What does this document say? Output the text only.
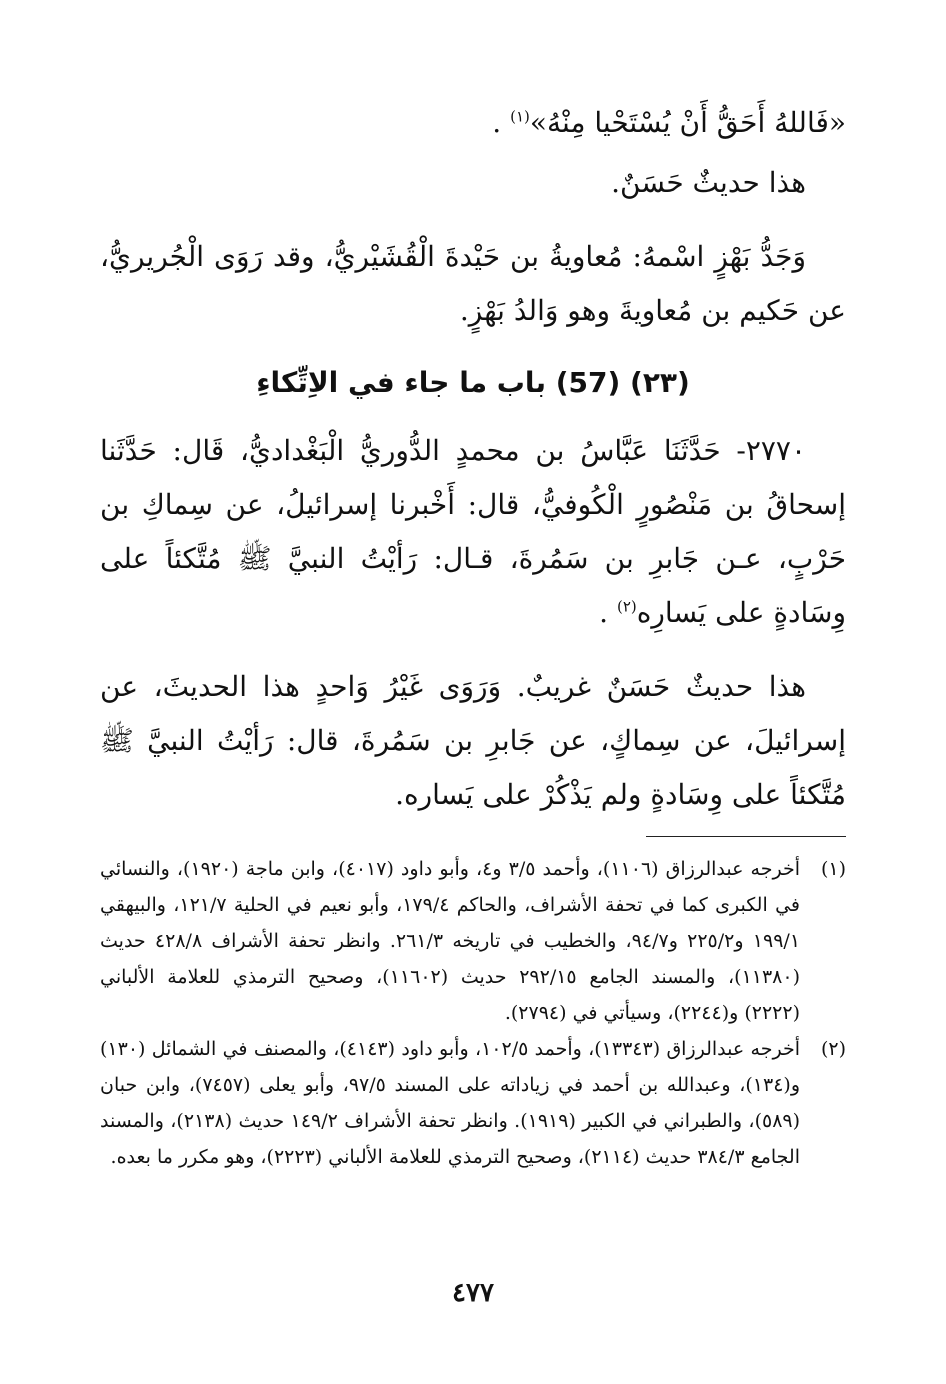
«فَاللهُ أَحَقُّ أَنْ يُسْتَحْيا مِنْهُ»$^{(١)}$ .

هذا حديثٌ حَسَنٌ.

وَجَدُّ بَهْزٍ اسْمهُ: مُعاويةُ بن حَيْدةَ الْقُشَيْريُّ، وقد رَوَى الْجُريريُّ، عن حَكيم بن مُعاويةَ وهو وَالدُ بَهْزٍ.

(٢٣) (57) باب ما جاء في الاِتِّكاءِ

٢٧٧٠- حَدَّثَنَا عَبَّاسُ بن محمدٍ الدُّوريُّ الْبَغْداديُّ، قَال: حَدَّثَنا إسحاقُ بن مَنْصُورٍ الْكُوفيُّ، قال: أَخْبرنا إسرائيلُ، عن سِماكِ بن حَرْبٍ، عـن جَابرِ بن سَمُرةَ، قـال: رَأيْتُ النبيَّ ﷺ مُتَّكئاً على وِسَادةٍ على يَسارِه$^{(٢)}$ .

هذا حديثٌ حَسَنٌ غريبٌ. وَرَوَى غَيْرُ وَاحدٍ هذا الحديثَ، عن إسرائيلَ، عن سِماكٍ، عن جَابرِ بن سَمُرةَ، قال: رَأيْتُ النبيَّ ﷺ مُتَّكئاً على وِسَادةٍ ولم يَذْكُرْ على يَساره.

(١)
أخرجه عبدالرزاق (١١٠٦)، وأحمد ٣/٥ و٤، وأبو داود (٤٠١٧)، وابن ماجة (١٩٢٠)، والنسائي في الكبرى كما في تحفة الأشراف، والحاكم ١٧٩/٤، وأبو نعيم في الحلية ١٢١/٧، والبيهقي ١٩٩/١ و٢٢٥/٢ و٩٤/٧، والخطيب في تاريخه ٢٦١/٣. وانظر تحفة الأشراف ٤٢٨/٨ حديث (١١٣٨٠)، والمسند الجامع ٢٩٢/١٥ حديث (١١٦٠٢)، وصحيح الترمذي للعلامة الألباني (٢٢٢٢) و(٢٢٤٤)، وسيأتي في (٢٧٩٤).
(٢)
أخرجه عبدالرزاق (١٣٣٤٣)، وأحمد ١٠٢/٥، وأبو داود (٤١٤٣)، والمصنف في الشمائل (١٣٠) و(١٣٤)، وعبدالله بن أحمد في زياداته على المسند ٩٧/٥، وأبو يعلى (٧٤٥٧)، وابن حبان (٥٨٩)، والطبراني في الكبير (١٩١٩). وانظر تحفة الأشراف ١٤٩/٢ حديث (٢١٣٨)، والمسند الجامع ٣٨٤/٣ حديث (٢١١٤)، وصحيح الترمذي للعلامة الألباني (٢٢٢٣)، وهو مكرر ما بعده.
٤٧٧
